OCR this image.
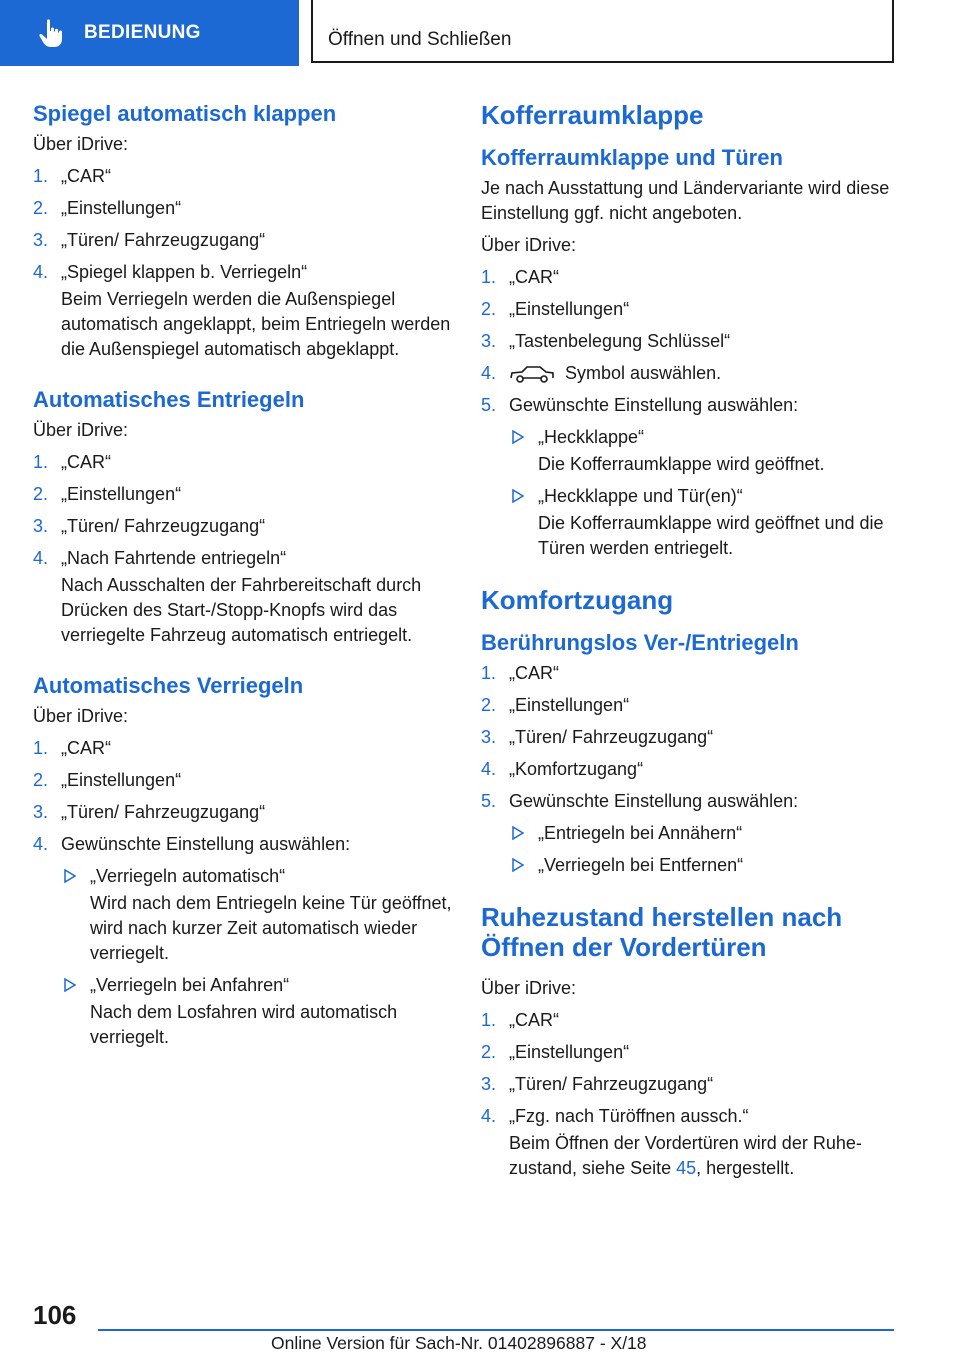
BEDIENUNG	Öffnen und Schließen
Spiegel automatisch klappen
Über iDrive:
1. „CAR“
2. „Einstellungen“
3. „Türen/ Fahrzeugzugang“
4. „Spiegel klappen b. Verriegeln“
Beim Verriegeln werden die Außenspiegel automatisch angeklappt, beim Entriegeln werden die Außenspiegel automatisch abgeklappt.
Automatisches Entriegeln
Über iDrive:
1. „CAR“
2. „Einstellungen“
3. „Türen/ Fahrzeugzugang“
4. „Nach Fahrtende entriegeln“
Nach Ausschalten der Fahrbereitschaft durch Drücken des Start-/Stopp-Knopfs wird das verriegelte Fahrzeug automatisch entriegelt.
Automatisches Verriegeln
Über iDrive:
1. „CAR“
2. „Einstellungen“
3. „Türen/ Fahrzeugzugang“
4. Gewünschte Einstellung auswählen:
„Verriegeln automatisch“
Wird nach dem Entriegeln keine Tür geöffnet, wird nach kurzer Zeit automatisch wieder verriegelt.
„Verriegeln bei Anfahren“
Nach dem Losfahren wird automatisch verriegelt.
Kofferraumklappe
Kofferraumklappe und Türen
Je nach Ausstattung und Ländervariante wird diese Einstellung ggf. nicht angeboten.
Über iDrive:
1. „CAR“
2. „Einstellungen“
3. „Tastenbelegung Schlüssel“
4.	Symbol auswählen.
5. Gewünschte Einstellung auswählen:
„Heckklappe“
Die Kofferraumklappe wird geöffnet.
„Heckklappe und Tür(en)“
Die Kofferraumklappe wird geöffnet und die Türen werden entriegelt.
Komfortzugang
Berührungslos Ver-/Entriegeln
1. „CAR“
2. „Einstellungen“
3. „Türen/ Fahrzeugzugang“
4. „Komfortzugang“
5. Gewünschte Einstellung auswählen:
„Entriegeln bei Annähern“
„Verriegeln bei Entfernen“
Ruhezustand herstellen nach Öffnen der Vordertüren
Über iDrive:
1. „CAR“
2. „Einstellungen“
3. „Türen/ Fahrzeugzugang“
4. „Fzg. nach Türöffnen aussch.“
Beim Öffnen der Vordertüren wird der Ruhezustand, siehe Seite 45, hergestellt.
106
Online Version für Sach-Nr. 01402896887 - X/18
